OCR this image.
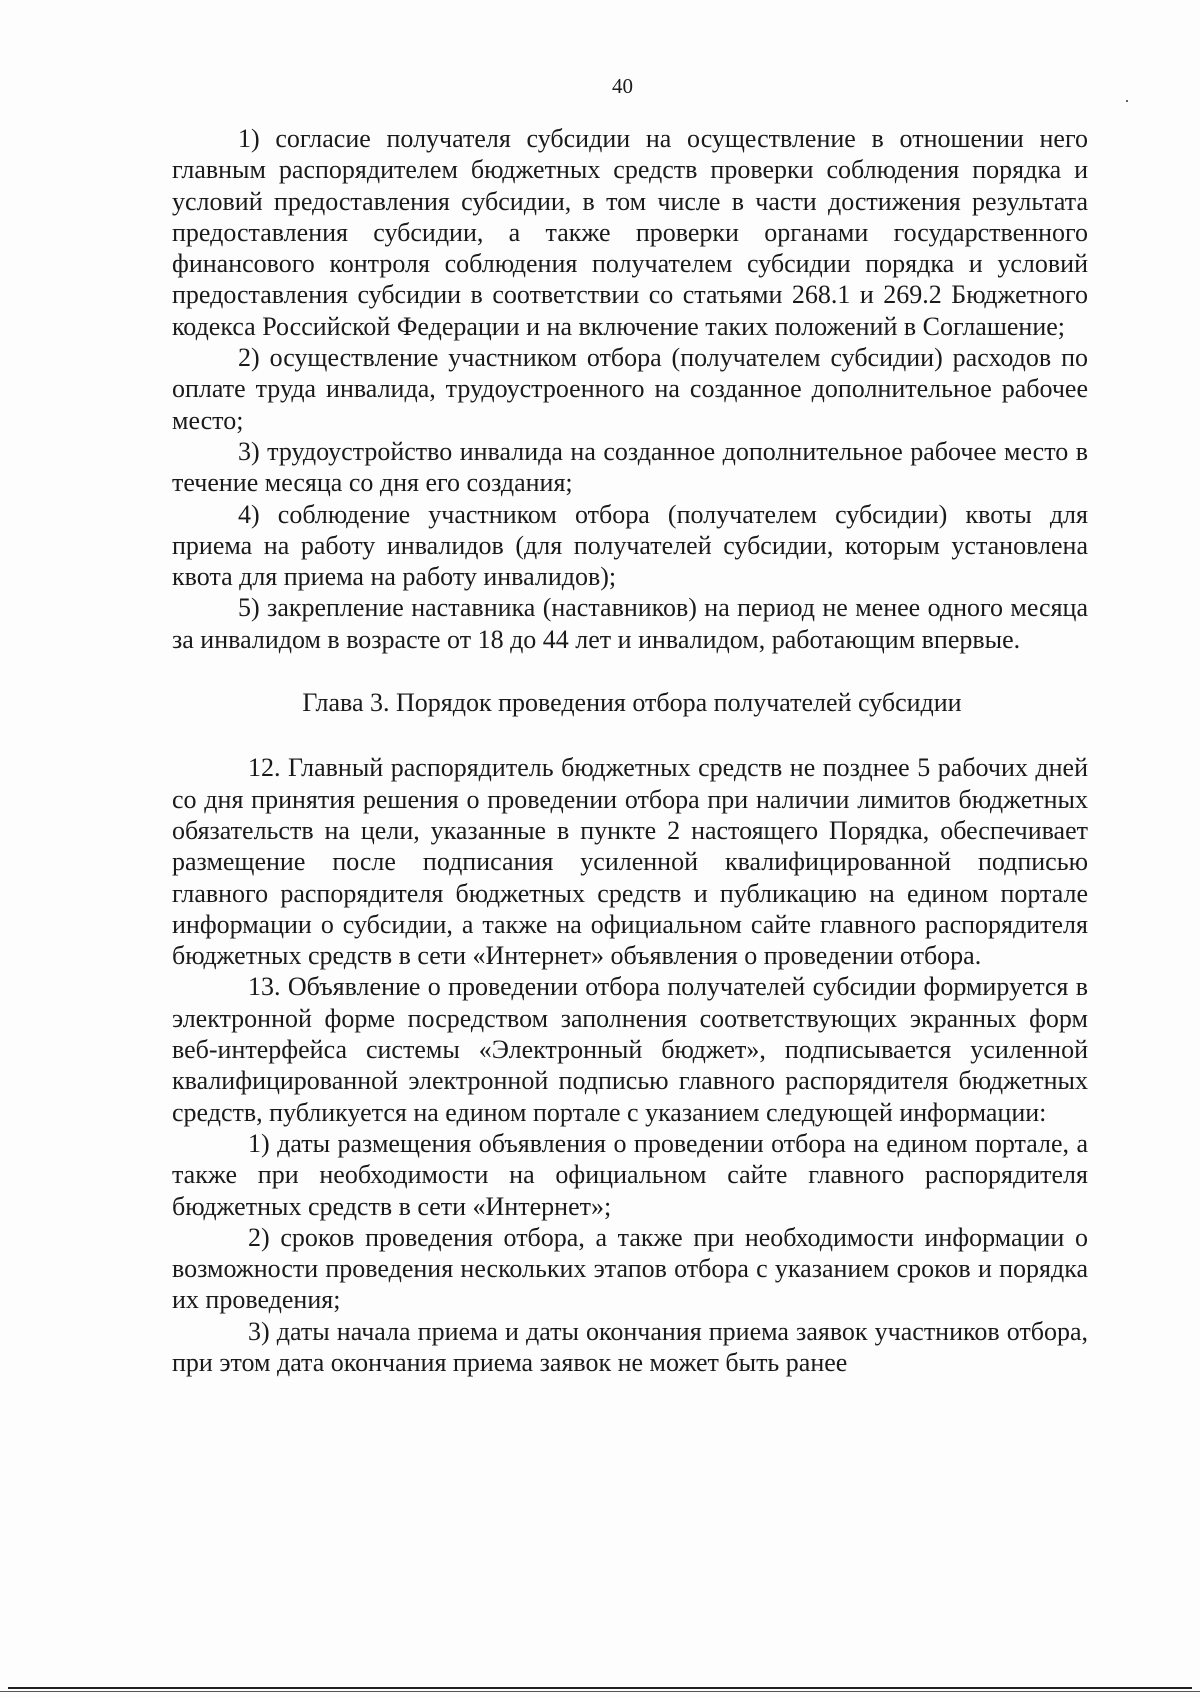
40

1) согласие получателя субсидии на осуществление в отношении него главным распорядителем бюджетных средств проверки соблюдения порядка и условий предоставления субсидии, в том числе в части достижения результата предоставления субсидии, а также проверки органами государственного финансового контроля соблюдения получателем субсидии порядка и условий предоставления субсидии в соответствии со статьями 268.1 и 269.2 Бюджетного кодекса Российской Федерации и на включение таких положений в Соглашение;

2) осуществление участником отбора (получателем субсидии) расходов по оплате труда инвалида, трудоустроенного на созданное дополнительное рабочее место;

3) трудоустройство инвалида на созданное дополнительное рабочее место в течение месяца со дня его создания;

4) соблюдение участником отбора (получателем субсидии) квоты для приема на работу инвалидов (для получателей субсидии, которым установлена квота для приема на работу инвалидов);

5) закрепление наставника (наставников) на период не менее одного месяца за инвалидом в возрасте от 18 до 44 лет и инвалидом, работающим впервые.

Глава 3. Порядок проведения отбора получателей субсидии

12. Главный распорядитель бюджетных средств не позднее 5 рабочих дней со дня принятия решения о проведении отбора при наличии лимитов бюджетных обязательств на цели, указанные в пункте 2 настоящего Порядка, обеспечивает размещение после подписания усиленной квалифицированной подписью главного распорядителя бюджетных средств и публикацию на едином портале информации о субсидии, а также на официальном сайте главного распорядителя бюджетных средств в сети «Интернет» объявления о проведении отбора.

13. Объявление о проведении отбора получателей субсидии формируется в электронной форме посредством заполнения соответствующих экранных форм веб-интерфейса системы «Электронный бюджет», подписывается усиленной квалифицированной электронной подписью главного распорядителя бюджетных средств, публикуется на едином портале с указанием следующей информации:

1) даты размещения объявления о проведении отбора на едином портале, а также при необходимости на официальном сайте главного распорядителя бюджетных средств в сети «Интернет»;

2) сроков проведения отбора, а также при необходимости информации о возможности проведения нескольких этапов отбора с указанием сроков и порядка их проведения;

3) даты начала приема и даты окончания приема заявок участников отбора, при этом дата окончания приема заявок не может быть ранее
